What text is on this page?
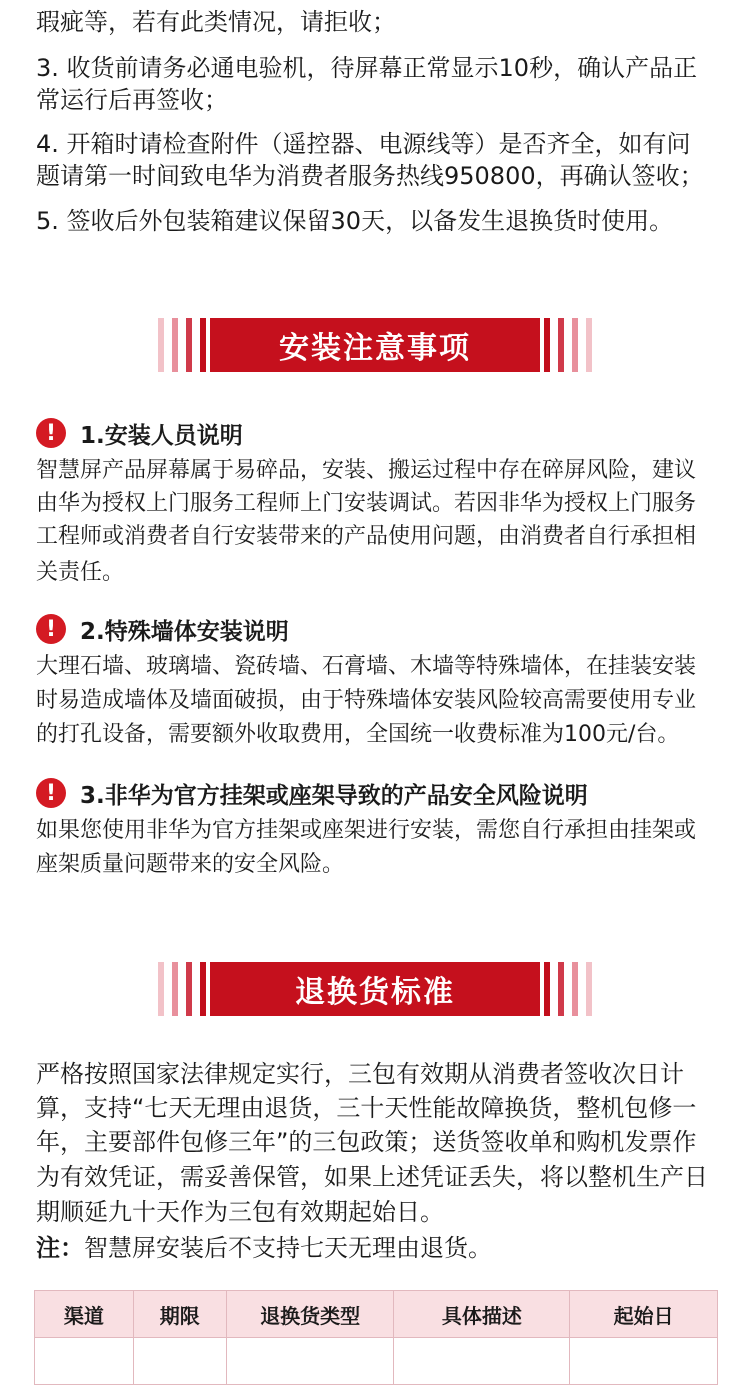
瑕疵等，若有此类情况，请拒收；

3. 收货前请务必通电验机，待屏幕正常显示10秒，确认产品正

常运行后再签收；

4. 开箱时请检查附件（遥控器、电源线等）是否齐全，如有问

题请第一时间致电华为消费者服务热线950800，再确认签收；

5. 签收后外包装箱建议保留30天，以备发生退换货时使用。

安装注意事项
!	1.安装人员说明

智慧屏产品屏幕属于易碎品，安装、搬运过程中存在碎屏风险，建议

由华为授权上门服务工程师上门安装调试。若因非华为授权上门服务

工程师或消费者自行安装带来的产品使用问题，由消费者自行承担相

关责任。

!	2.特殊墙体安装说明

大理石墙、玻璃墙、瓷砖墙、石膏墙、木墙等特殊墙体，在挂装安装

时易造成墙体及墙面破损，由于特殊墙体安装风险较高需要使用专业

的打孔设备，需要额外收取费用，全国统一收费标准为100元/台。

!	3.非华为官方挂架或座架导致的产品安全风险说明

如果您使用非华为官方挂架或座架进行安装，需您自行承担由挂架或

座架质量问题带来的安全风险。

退换货标准

严格按照国家法律规定实行，三包有效期从消费者签收次日计

算，支持“七天无理由退货，三十天性能故障换货，整机包修一

年，主要部件包修三年”的三包政策；送货签收单和购机发票作

为有效凭证，需妥善保管，如果上述凭证丢失，将以整机生产日

期顺延九十天作为三包有效期起始日。

注：智慧屏安装后不支持七天无理由退货。

渠道	期限	退换货类型	具体描述	起始日
